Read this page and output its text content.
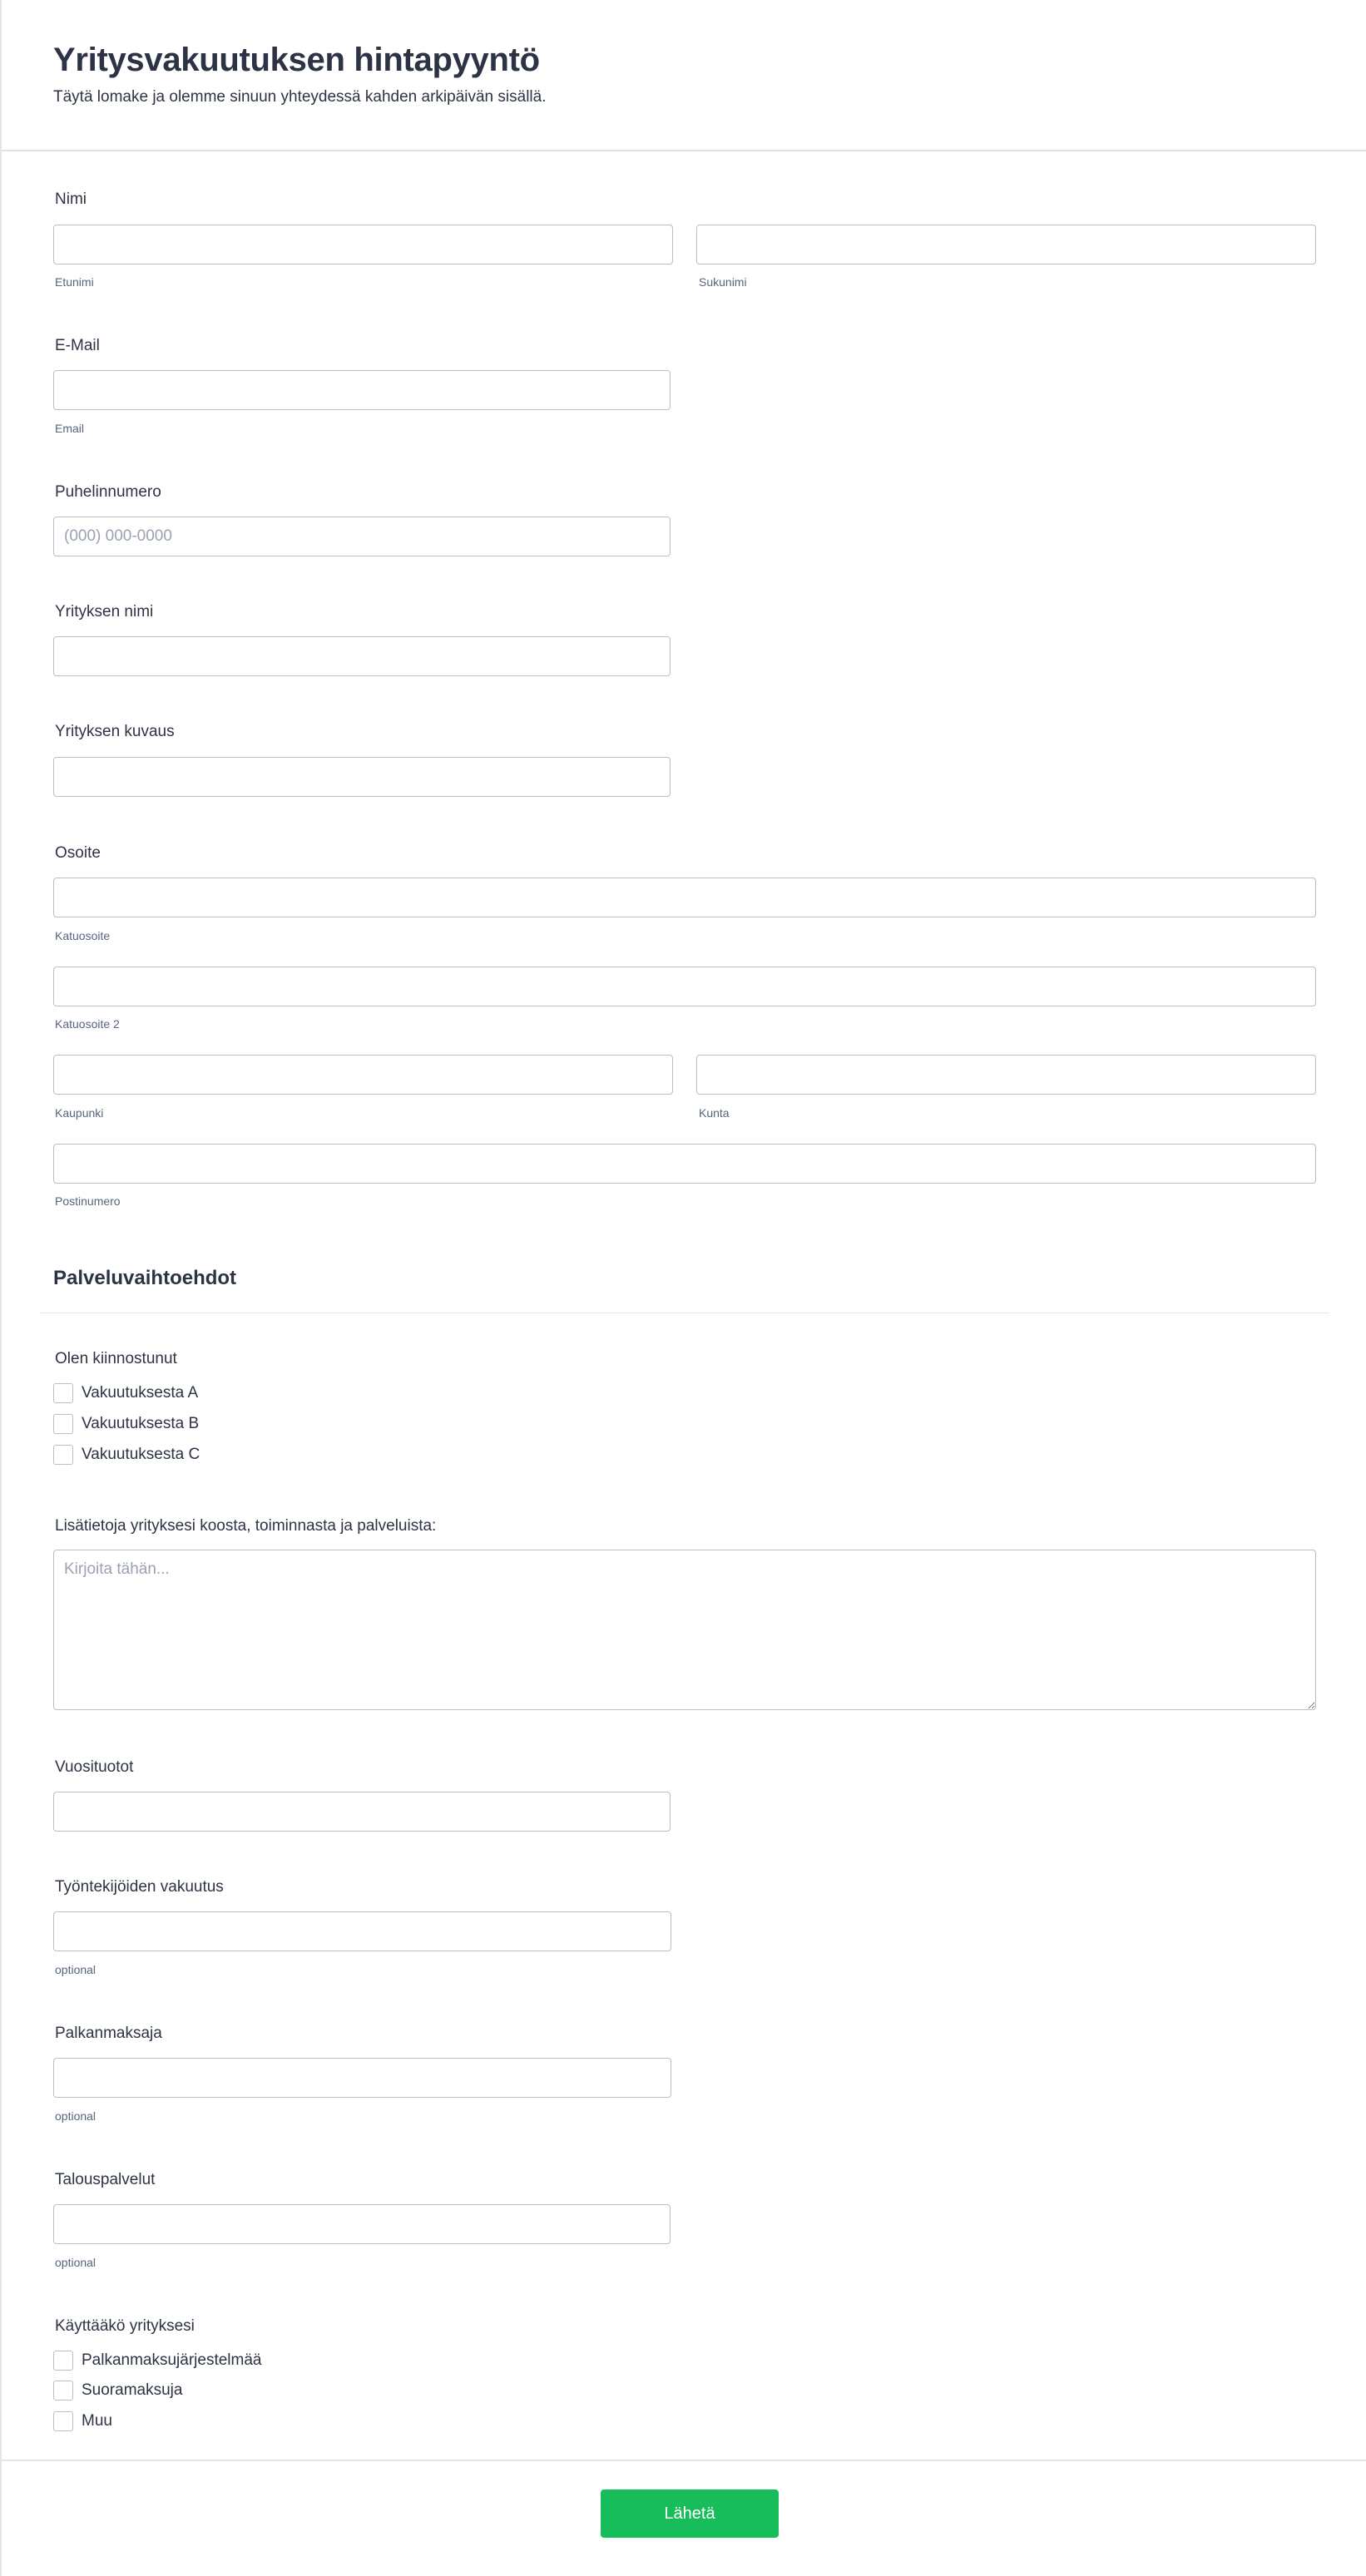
Yritysvakuutuksen hintapyyntö
Täytä lomake ja olemme sinuun yhteydessä kahden arkipäivän sisällä.
Nimi
Etunimi	Sukunimi
E-Mail
Email
Puhelinnumero
(000) 000-0000
Yrityksen nimi
Yrityksen kuvaus
Osoite
Katuosoite
Katuosoite 2
Kaupunki	Kunta
Postinumero
Palveluvaihtoehdot
Olen kiinnostunut
Vakuutuksesta A
Vakuutuksesta B
Vakuutuksesta C
Lisätietoja yrityksesi koosta, toiminnasta ja palveluista:
Kirjoita tähän...
Vuosituotot
Työntekijöiden vakuutus
optional
Palkanmaksaja
optional
Talouspalvelut
optional
Käyttääkö yrityksesi
Palkanmaksujärjestelmää
Suoramaksuja
Muu
Lähetä
